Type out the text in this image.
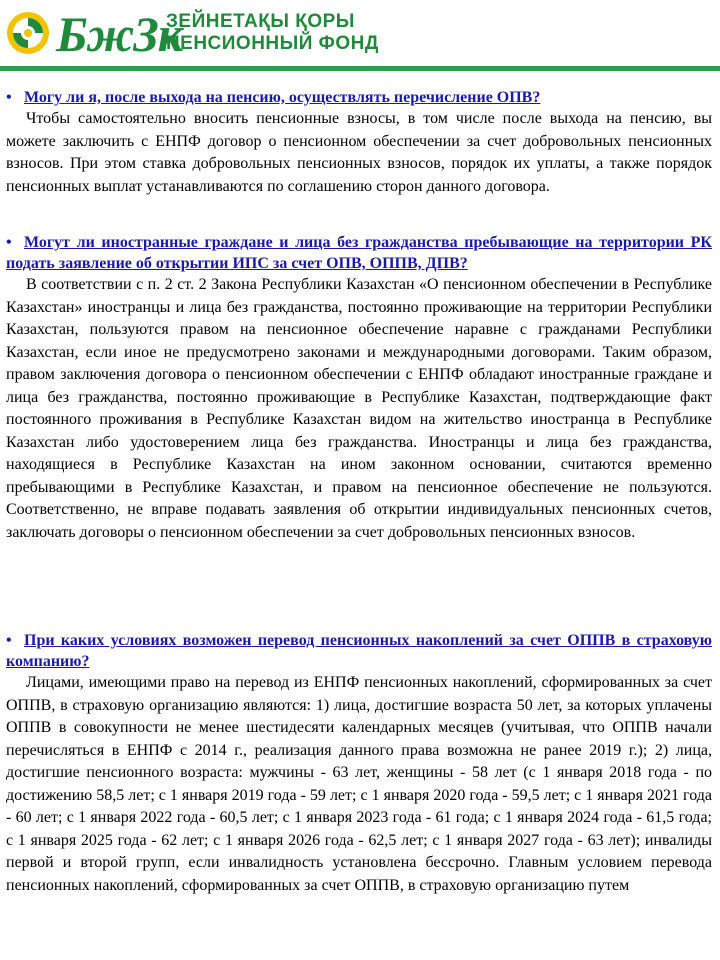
БжЗк
ЗЕЙНЕТАҚЫ ҚОРЫ
ПЕНСИОННЫЙ ФОНД
• Могу ли я, после выхода на пенсию, осуществлять перечисление ОПВ?

Чтобы самостоятельно вносить пенсионные взносы, в том числе после выхода на пенсию, вы можете заключить с ЕНПФ договор о пенсионном обеспечении за счет добровольных пенсионных взносов. При этом ставка добровольных пенсионных взносов, порядок их уплаты, а также порядок пенсионных выплат устанавливаются по соглашению сторон данного договора.

• Могут ли иностранные граждане и лица без гражданства пребывающие на территории РК подать заявление об открытии ИПС за счет ОПВ, ОППВ, ДПВ?

В соответствии с п. 2 ст. 2 Закона Республики Казахстан «О пенсионном обеспечении в Республике Казахстан» иностранцы и лица без гражданства, постоянно проживающие на территории Республики Казахстан, пользуются правом на пенсионное обеспечение наравне с гражданами Республики Казахстан, если иное не предусмотрено законами и международными договорами. Таким образом, правом заключения договора о пенсионном обеспечении с ЕНПФ обладают иностранные граждане и лица без гражданства, постоянно проживающие в Республике Казахстан, подтверждающие факт постоянного проживания в Республике Казахстан видом на жительство иностранца в Республике Казахстан либо удостоверением лица без гражданства. Иностранцы и лица без гражданства, находящиеся в Республике Казахстан на ином законном основании, считаются временно пребывающими в Республике Казахстан, и правом на пенсионное обеспечение не пользуются. Соответственно, не вправе подавать заявления об открытии индивидуальных пенсионных счетов, заключать договоры о пенсионном обеспечении за счет добровольных пенсионных взносов.

• При каких условиях возможен перевод пенсионных накоплений за счет ОППВ в страховую компанию?

Лицами, имеющими право на перевод из ЕНПФ пенсионных накоплений, сформированных за счет ОППВ, в страховую организацию являются: 1) лица, достигшие возраста 50 лет, за которых уплачены ОППВ в совокупности не менее шестидесяти календарных месяцев (учитывая, что ОППВ начали перечисляться в ЕНПФ с 2014 г., реализация данного права возможна не ранее 2019 г.); 2) лица, достигшие пенсионного возраста: мужчины - 63 лет, женщины - 58 лет (с 1 января 2018 года - по достижению 58,5 лет; с 1 января 2019 года - 59 лет; с 1 января 2020 года - 59,5 лет; с 1 января 2021 года - 60 лет; с 1 января 2022 года - 60,5 лет; с 1 января 2023 года - 61 года; с 1 января 2024 года - 61,5 года; с 1 января 2025 года - 62 лет; с 1 января 2026 года - 62,5 лет; с 1 января 2027 года - 63 лет); инвалиды первой и второй групп, если инвалидность установлена бессрочно. Главным условием перевода пенсионных накоплений, сформированных за счет ОППВ, в страховую организацию путем
